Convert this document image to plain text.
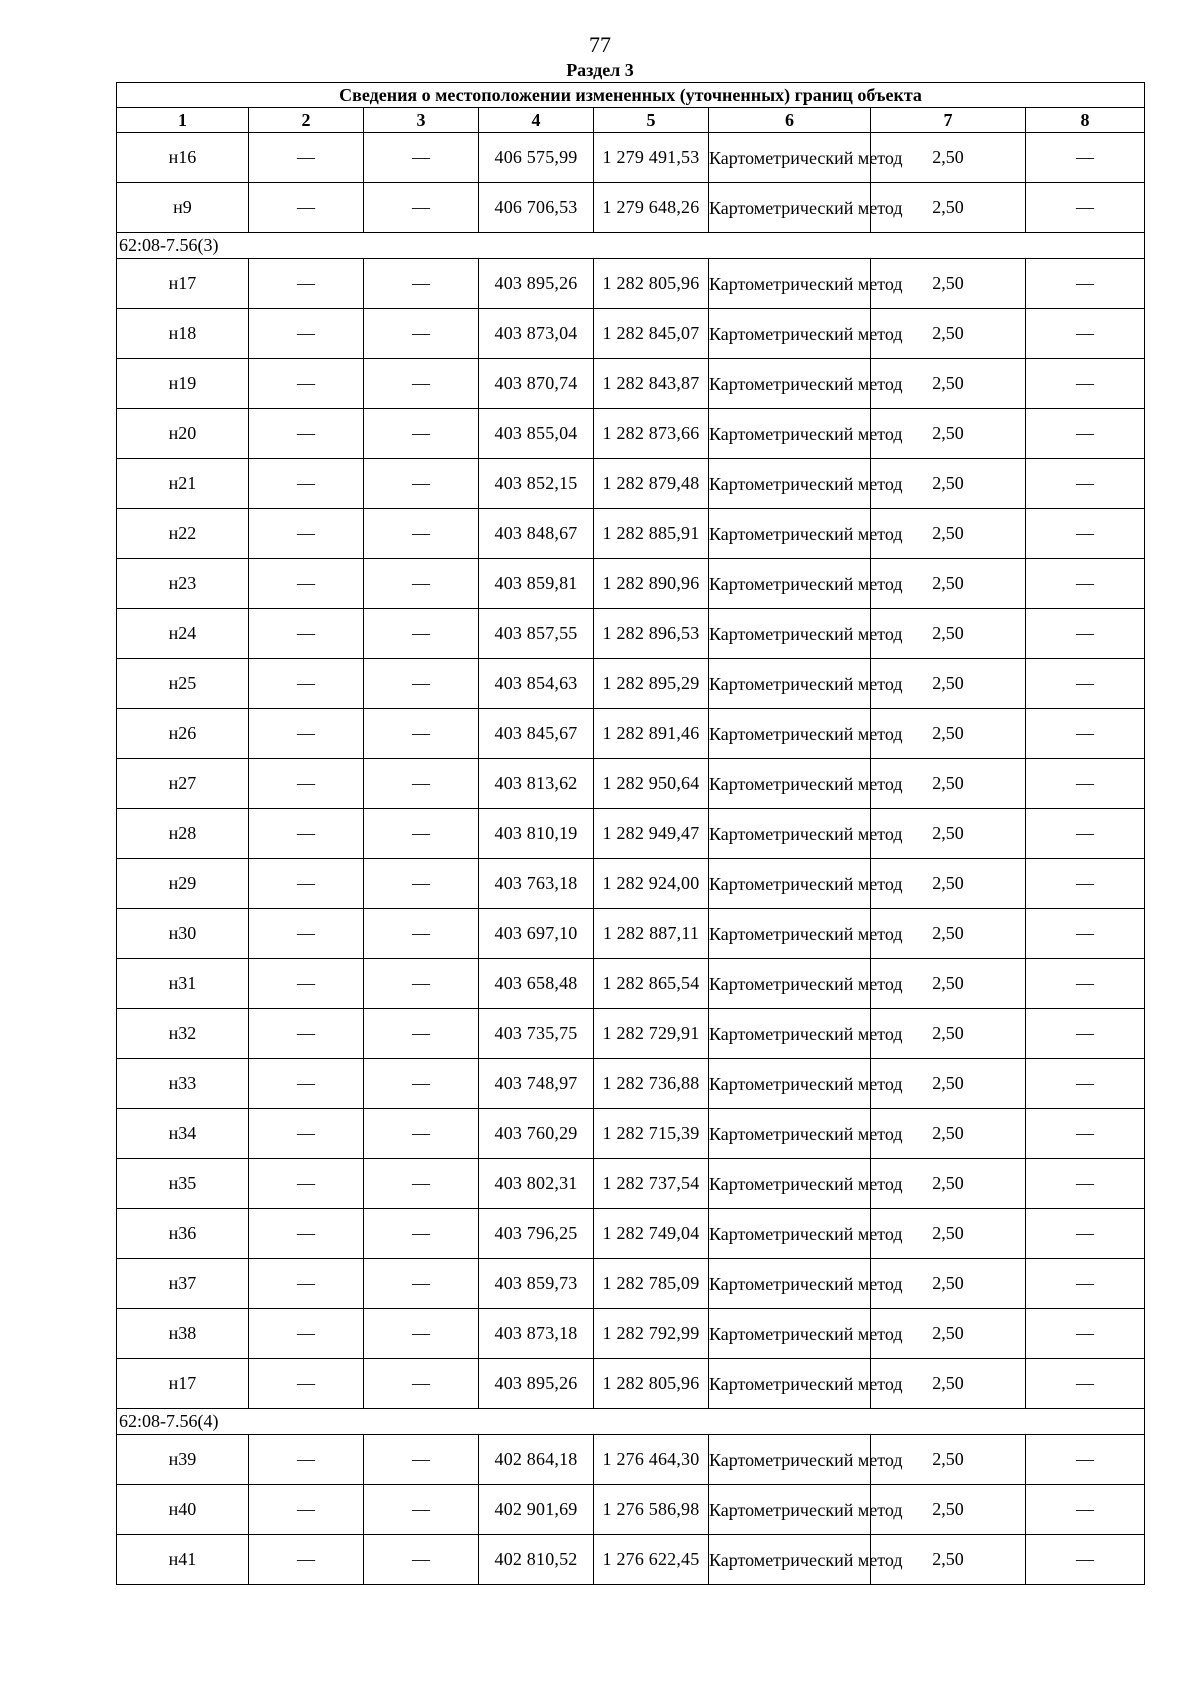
77
Раздел 3
Сведения о местоположении измененных (уточненных) границ объекта							
1	2	3	4	5	6	7	8
н16	—	—	406 575,99	1 279 491,53	Картометрический метод	2,50	—
н9	—	—	406 706,53	1 279 648,26	Картометрический метод	2,50	—
62:08-7.56(3)							
н17	—	—	403 895,26	1 282 805,96	Картометрический метод	2,50	—
н18	—	—	403 873,04	1 282 845,07	Картометрический метод	2,50	—
н19	—	—	403 870,74	1 282 843,87	Картометрический метод	2,50	—
н20	—	—	403 855,04	1 282 873,66	Картометрический метод	2,50	—
н21	—	—	403 852,15	1 282 879,48	Картометрический метод	2,50	—
н22	—	—	403 848,67	1 282 885,91	Картометрический метод	2,50	—
н23	—	—	403 859,81	1 282 890,96	Картометрический метод	2,50	—
н24	—	—	403 857,55	1 282 896,53	Картометрический метод	2,50	—
н25	—	—	403 854,63	1 282 895,29	Картометрический метод	2,50	—
н26	—	—	403 845,67	1 282 891,46	Картометрический метод	2,50	—
н27	—	—	403 813,62	1 282 950,64	Картометрический метод	2,50	—
н28	—	—	403 810,19	1 282 949,47	Картометрический метод	2,50	—
н29	—	—	403 763,18	1 282 924,00	Картометрический метод	2,50	—
н30	—	—	403 697,10	1 282 887,11	Картометрический метод	2,50	—
н31	—	—	403 658,48	1 282 865,54	Картометрический метод	2,50	—
н32	—	—	403 735,75	1 282 729,91	Картометрический метод	2,50	—
н33	—	—	403 748,97	1 282 736,88	Картометрический метод	2,50	—
н34	—	—	403 760,29	1 282 715,39	Картометрический метод	2,50	—
н35	—	—	403 802,31	1 282 737,54	Картометрический метод	2,50	—
н36	—	—	403 796,25	1 282 749,04	Картометрический метод	2,50	—
н37	—	—	403 859,73	1 282 785,09	Картометрический метод	2,50	—
н38	—	—	403 873,18	1 282 792,99	Картометрический метод	2,50	—
н17	—	—	403 895,26	1 282 805,96	Картометрический метод	2,50	—
62:08-7.56(4)							
н39	—	—	402 864,18	1 276 464,30	Картометрический метод	2,50	—
н40	—	—	402 901,69	1 276 586,98	Картометрический метод	2,50	—
н41	—	—	402 810,52	1 276 622,45	Картометрический метод	2,50	—
